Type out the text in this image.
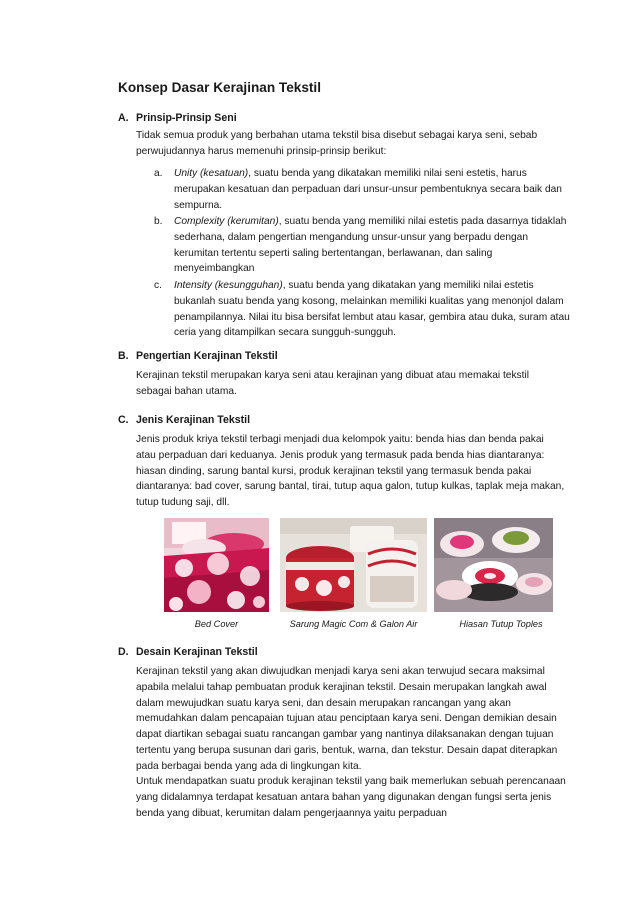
Konsep Dasar Kerajinan Tekstil
A. Prinsip-Prinsip Seni
Tidak semua produk yang berbahan utama tekstil bisa disebut sebagai karya seni, sebab perwujudannya harus memenuhi prinsip-prinsip berikut:
a. Unity (kesatuan), suatu benda yang dikatakan memiliki nilai seni estetis, harus merupakan kesatuan dan perpaduan dari unsur-unsur pembentuknya secara baik dan sempurna.
b. Complexity (kerumitan), suatu benda yang memiliki nilai estetis pada dasarnya tidaklah sederhana, dalam pengertian mengandung unsur-unsur yang berpadu dengan kerumitan tertentu seperti saling bertentangan, berlawanan, dan saling menyeimbangkan
c. Intensity (kesungguhan), suatu benda yang dikatakan yang memiliki nilai estetis bukanlah suatu benda yang kosong, melainkan memiliki kualitas yang menonjol dalam penampilannya. Nilai itu bisa bersifat lembut atau kasar, gembira atau duka, suram atau ceria yang ditampilkan secara sungguh-sungguh.
B. Pengertian Kerajinan Tekstil
Kerajinan tekstil merupakan karya seni atau kerajinan yang dibuat atau memakai tekstil sebagai bahan utama.
C. Jenis Kerajinan Tekstil
Jenis produk kriya tekstil terbagi menjadi dua kelompok yaitu: benda hias dan benda pakai atau perpaduan dari keduanya. Jenis produk yang termasuk pada benda hias diantaranya: hiasan dinding, sarung bantal kursi, produk kerajinan tekstil yang termasuk benda pakai diantaranya: bad cover, sarung bantal, tirai, tutup aqua galon, tutup kulkas, taplak meja makan, tutup tudung saji, dll.
Bed Cover	Sarung Magic Com & Galon Air	Hiasan Tutup Toples
D. Desain Kerajinan Tekstil
Kerajinan tekstil yang akan diwujudkan menjadi karya seni akan terwujud secara maksimal apabila melalui tahap pembuatan produk kerajinan tekstil. Desain merupakan langkah awal dalam mewujudkan suatu karya seni, dan desain merupakan rancangan yang akan memudahkan dalam pencapaian tujuan atau penciptaan karya seni. Dengan demikian desain dapat diartikan sebagai suatu rancangan gambar yang nantinya dilaksanakan dengan tujuan tertentu yang berupa susunan dari garis, bentuk, warna, dan tekstur. Desain dapat diterapkan pada berbagai benda yang ada di lingkungan kita.
Untuk mendapatkan suatu produk kerajinan tekstil yang baik memerlukan sebuah perencanaan yang didalamnya terdapat kesatuan antara bahan yang digunakan dengan fungsi serta jenis benda yang dibuat, kerumitan dalam pengerjaannya yaitu perpaduan
